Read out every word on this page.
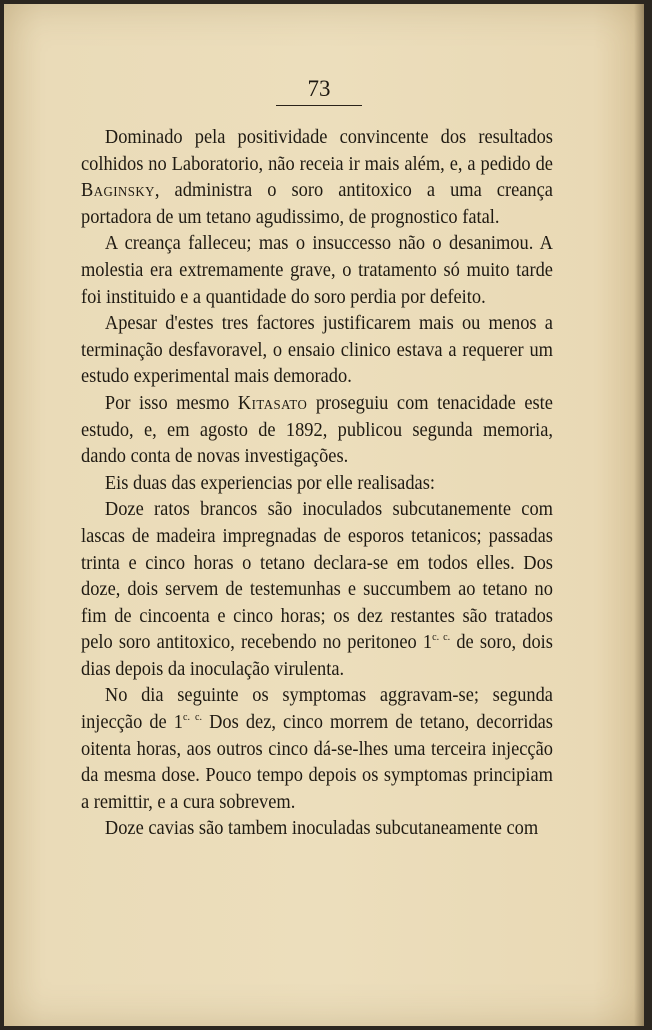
73

Dominado pela positividade convincente dos resultados colhidos no Laboratorio, não receia ir mais além, e, a pedido de Baginsky, administra o soro antitoxico a uma creança portadora de um tetano agudissimo, de prognostico fatal.

A creança falleceu; mas o insuccesso não o desanimou. A molestia era extremamente grave, o tratamento só muito tarde foi instituido e a quantidade do soro perdia por defeito.

Apesar d'estes tres factores justificarem mais ou menos a terminação desfavoravel, o ensaio clinico estava a requerer um estudo experimental mais demorado.

Por isso mesmo Kitasato proseguiu com tenacidade este estudo, e, em agosto de 1892, publicou segunda memoria, dando conta de novas investigações.

Eis duas das experiencias por elle realisadas:

Doze ratos brancos são inoculados subcutanemente com lascas de madeira impregnadas de esporos tetanicos; passadas trinta e cinco horas o tetano declara-se em todos elles. Dos doze, dois servem de testemunhas e succumbem ao tetano no fim de cincoenta e cinco horas; os dez restantes são tratados pelo soro antitoxico, recebendo no peritoneo $1^{c. c.}$ de soro, dois dias depois da inoculação virulenta.

No dia seguinte os symptomas aggravam-se; segunda injecção de $1^{c. c.}$ Dos dez, cinco morrem de tetano, decorridas oitenta horas, aos outros cinco dá-se-lhes uma terceira injecção da mesma dose. Pouco tempo depois os symptomas principiam a remittir, e a cura sobrevem.

Doze cavias são tambem inoculadas subcutaneamente com
